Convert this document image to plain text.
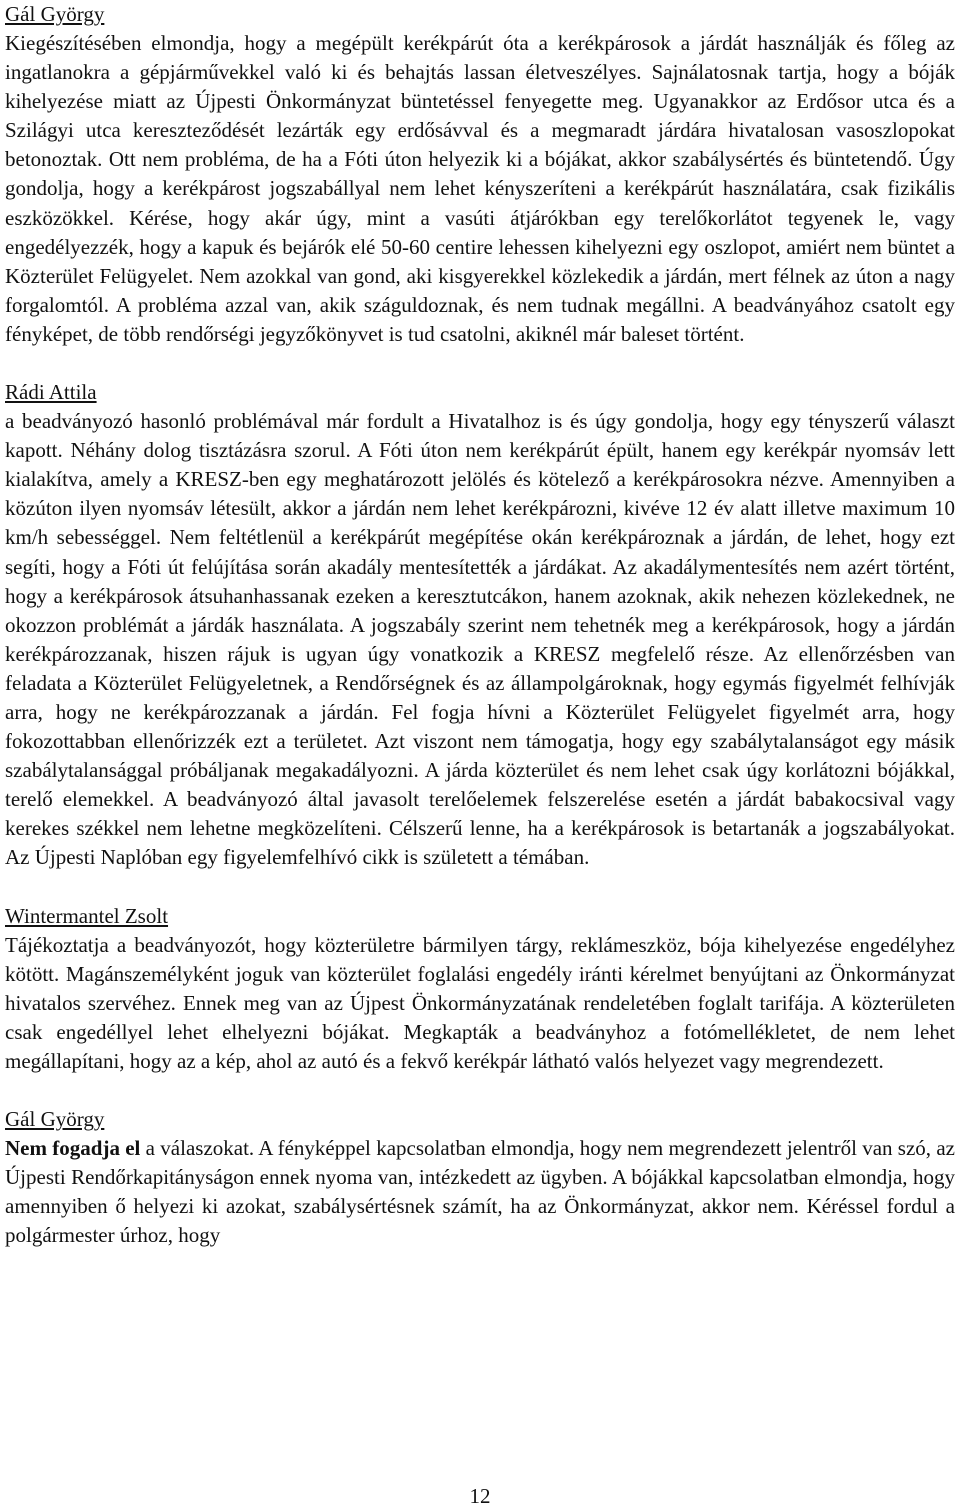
Gál György

Kiegészítésében elmondja, hogy a megépült kerékpárút óta a kerékpárosok a járdát használják és főleg az ingatlanokra a gépjárművekkel való ki és behajtás lassan életveszélyes. Sajnálatosnak tartja, hogy a bóják kihelyezése miatt az Újpesti Önkormányzat büntetéssel fenyegette meg. Ugyanakkor az Erdősor utca és a Szilágyi utca kereszteződését lezárták egy erdősávval és a megmaradt járdára hivatalosan vasoszlopokat betonoztak. Ott nem probléma, de ha a Fóti úton helyezik ki a bójákat, akkor szabálysértés és büntetendő. Úgy gondolja, hogy a kerékpárost jogszabállyal nem lehet kényszeríteni a kerékpárút használatára, csak fizikális eszközökkel. Kérése, hogy akár úgy, mint a vasúti átjárókban egy terelőkorlátot tegyenek le, vagy engedélyezzék, hogy a kapuk és bejárók elé 50-60 centire lehessen kihelyezni egy oszlopot, amiért nem büntet a Közterület Felügyelet. Nem azokkal van gond, aki kisgyerekkel közlekedik a járdán, mert félnek az úton a nagy forgalomtól. A probléma azzal van, akik száguldoznak, és nem tudnak megállni. A beadványához csatolt egy fényképet, de több rendőrségi jegyzőkönyvet is tud csatolni, akiknél már baleset történt.

Rádi Attila

a beadványozó hasonló problémával már fordult a Hivatalhoz is és úgy gondolja, hogy egy tényszerű választ kapott. Néhány dolog tisztázásra szorul. A Fóti úton nem kerékpárút épült, hanem egy kerékpár nyomsáv lett kialakítva, amely a KRESZ-ben egy meghatározott jelölés és kötelező a kerékpárosokra nézve. Amennyiben a közúton ilyen nyomsáv létesült, akkor a járdán nem lehet kerékpározni, kivéve 12 év alatt illetve maximum 10 km/h sebességgel. Nem feltétlenül a kerékpárút megépítése okán kerékpároznak a járdán, de lehet, hogy ezt segíti, hogy a Fóti út felújítása során akadály mentesítették a járdákat. Az akadálymentesítés nem azért történt, hogy a kerékpárosok átsuhanhassanak ezeken a keresztutcákon, hanem azoknak, akik nehezen közlekednek, ne okozzon problémát a járdák használata. A jogszabály szerint nem tehetnék meg a kerékpárosok, hogy a járdán kerékpározzanak, hiszen rájuk is ugyan úgy vonatkozik a KRESZ megfelelő része. Az ellenőrzésben van feladata a Közterület Felügyeletnek, a Rendőrségnek és az állampolgároknak, hogy egymás figyelmét felhívják arra, hogy ne kerékpározzanak a járdán. Fel fogja hívni a Közterület Felügyelet figyelmét arra, hogy fokozottabban ellenőrizzék ezt a területet. Azt viszont nem támogatja, hogy egy szabálytalanságot egy másik szabálytalansággal próbáljanak megakadályozni. A járda közterület és nem lehet csak úgy korlátozni bójákkal, terelő elemekkel. A beadványozó által javasolt terelőelemek felszerelése esetén a járdát babakocsival vagy kerekes székkel nem lehetne megközelíteni. Célszerű lenne, ha a kerékpárosok is betartanák a jogszabályokat. Az Újpesti Naplóban egy figyelemfelhívó cikk is született a témában.

Wintermantel Zsolt

Tájékoztatja a beadványozót, hogy közterületre bármilyen tárgy, reklámeszköz, bója kihelyezése engedélyhez kötött. Magánszemélyként joguk van közterület foglalási engedély iránti kérelmet benyújtani az Önkormányzat hivatalos szervéhez. Ennek meg van az Újpest Önkormányzatának rendeletében foglalt tarifája. A közterületen csak engedéllyel lehet elhelyezni bójákat. Megkapták a beadványhoz a fotómellékletet, de nem lehet megállapítani, hogy az a kép, ahol az autó és a fekvő kerékpár látható valós helyezet vagy megrendezett.

Gál György

Nem fogadja el a válaszokat. A fényképpel kapcsolatban elmondja, hogy nem megrendezett jelentről van szó, az Újpesti Rendőrkapitányságon ennek nyoma van, intézkedett az ügyben. A bójákkal kapcsolatban elmondja, hogy amennyiben ő helyezi ki azokat, szabálysértésnek számít, ha az Önkormányzat, akkor nem. Kéréssel fordul a polgármester úrhoz, hogy

12
